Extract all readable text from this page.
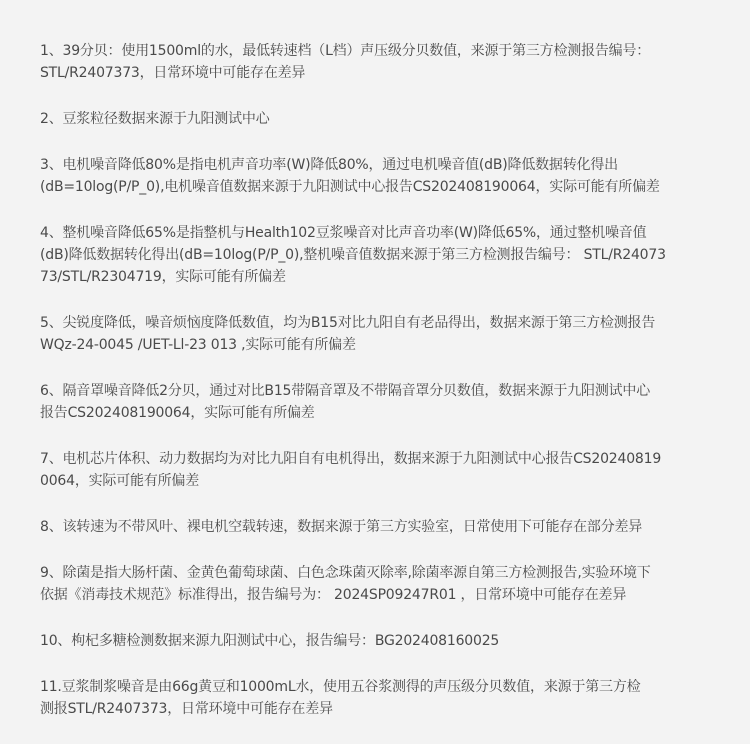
1、39分贝：使用1500ml的水，最低转速档（L档）声压级分贝数值，来源于第三方检测报告编号：
STL/R2407373，日常环境中可能存在差异
2、豆浆粒径数据来源于九阳测试中心
3、电机噪音降低80%是指电机声音功率(W)降低80%，通过电机噪音值(dB)降低数据转化得出
(dB=10log(P/P_0),电机噪音值数据来源于九阳测试中心报告CS202408190064，实际可能有所偏差
4、整机噪音降低65%是指整机与Health102豆浆噪音对比声音功率(W)降低65%，通过整机噪音值
(dB)降低数据转化得出(dB=10log(P/P_0),整机噪音值数据来源于第三方检测报告编号： STL/R24073
73/STL/R2304719，实际可能有所偏差
5、尖锐度降低，噪音烦恼度降低数值，均为B15对比九阳自有老品得出，数据来源于第三方检测报告
WQz-24-0045 /UET-Ll-23 013 ,实际可能有所偏差
6、隔音罩噪音降低2分贝，通过对比B15带隔音罩及不带隔音罩分贝数值，数据来源于九阳测试中心
报告CS202408190064，实际可能有所偏差
7、电机芯片体积、动力数据均为对比九阳自有电机得出，数据来源于九阳测试中心报告CS20240819
0064，实际可能有所偏差
8、该转速为不带风叶、裸电机空载转速，数据来源于第三方实验室，日常使用下可能存在部分差异
9、除菌是指大肠杆菌、金黄色葡萄球菌、白色念珠菌灭除率,除菌率源自第三方检测报告,实验环境下
依据《消毒技术规范》标准得出，报告编号为： 2024SP09247R01 ，日常环境中可能存在差异
10、枸杞多糖检测数据来源九阳测试中心，报告编号：BG202408160025
11.豆浆制浆噪音是由66g黄豆和1000mL水，使用五谷浆测得的声压级分贝数值，来源于第三方检
测报STL/R2407373，日常环境中可能存在差异
